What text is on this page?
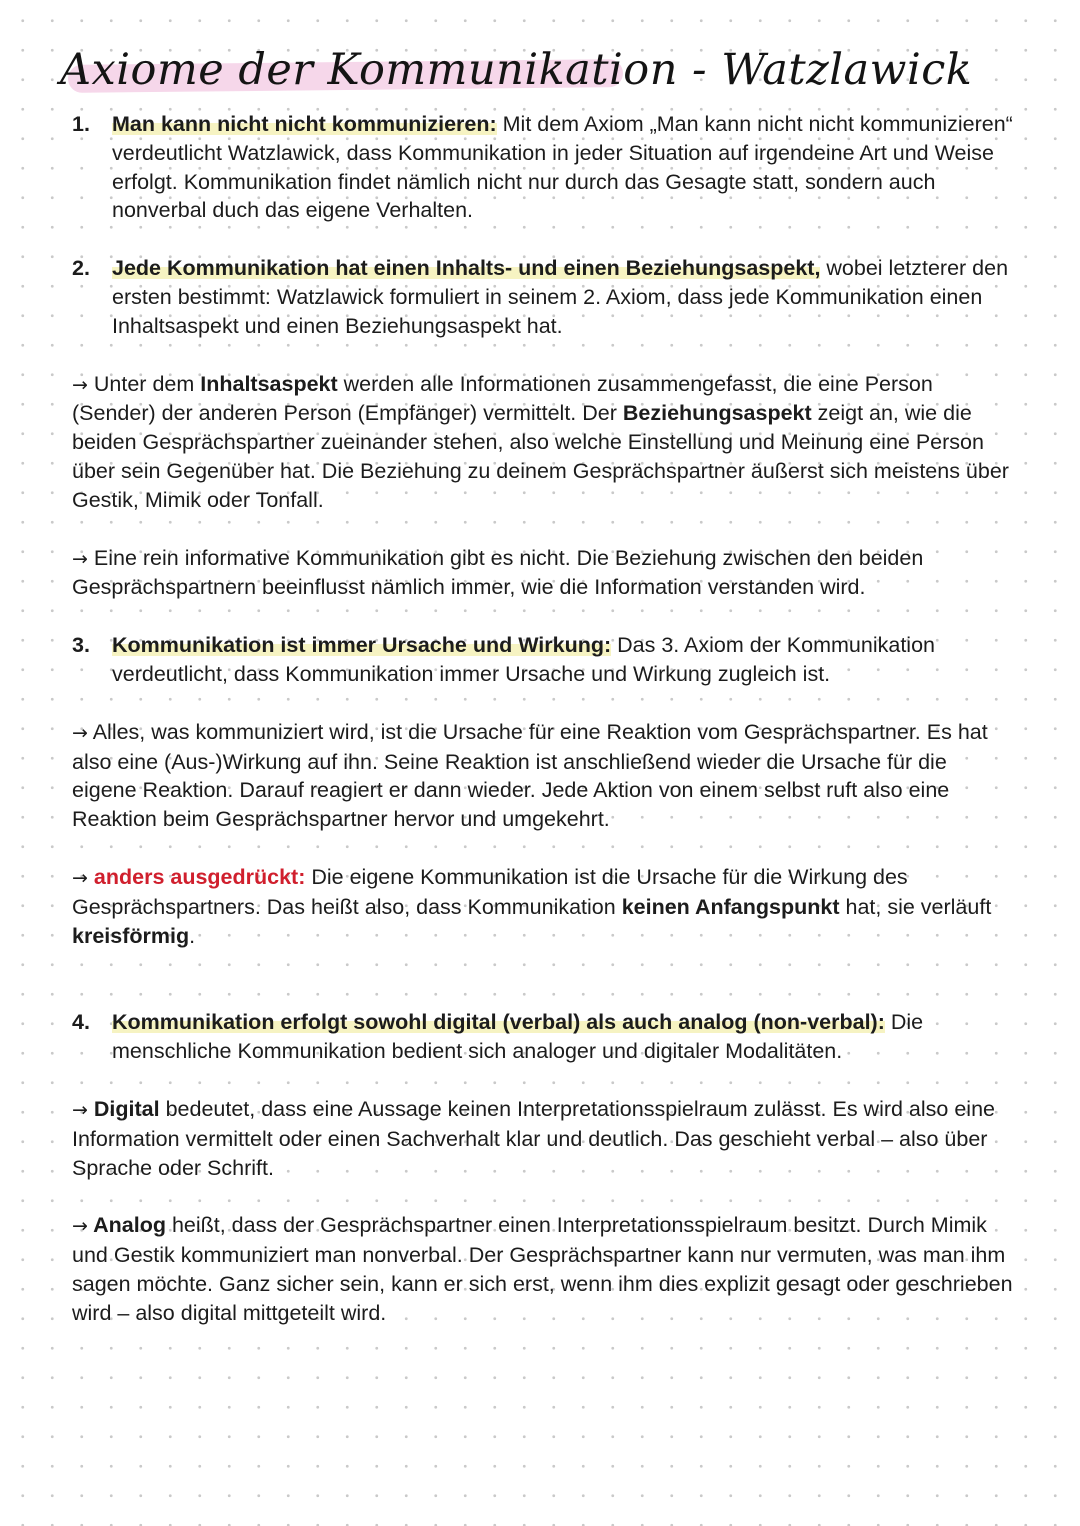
Axiome der Kommunikation - Watzlawick
1.	Man kann nicht nicht kommunizieren: Mit dem Axiom „Man kann nicht nicht kommunizieren“ verdeutlicht Watzlawick, dass Kommunikation in jeder Situation auf irgendeine Art und Weise erfolgt. Kommunikation findet nämlich nicht nur durch das Gesagte statt, sondern auch nonverbal duch das eigene Verhalten.

2.	Jede Kommunikation hat einen Inhalts- und einen Beziehungsaspekt, wobei letzterer den ersten bestimmt: Watzlawick formuliert in seinem 2. Axiom, dass jede Kommunikation einen Inhaltsaspekt und einen Beziehungsaspekt hat.

→ Unter dem Inhaltsaspekt werden alle Informationen zusammengefasst, die eine Person (Sender) der anderen Person (Empfänger) vermittelt. Der Beziehungsaspekt zeigt an, wie die beiden Gesprächspartner zueinander stehen, also welche Einstellung und Meinung eine Person über sein Gegenüber hat. Die Beziehung zu deinem Gesprächspartner äußerst sich meistens über Gestik, Mimik oder Tonfall.

→ Eine rein informative Kommunikation gibt es nicht. Die Beziehung zwischen den beiden Gesprächspartnern beeinflusst nämlich immer, wie die Information verstanden wird.

3.	Kommunikation ist immer Ursache und Wirkung: Das 3. Axiom der Kommunikation verdeutlicht, dass Kommunikation immer Ursache und Wirkung zugleich ist.

→ Alles, was kommuniziert wird, ist die Ursache für eine Reaktion vom Gesprächspartner. Es hat also eine (Aus-)Wirkung auf ihn. Seine Reaktion ist anschließend wieder die Ursache für die eigene Reaktion. Darauf reagiert er dann wieder. Jede Aktion von einem selbst ruft also eine Reaktion beim Gesprächspartner hervor und umgekehrt.

→ anders ausgedrückt: Die eigene Kommunikation ist die Ursache für die Wirkung des Gesprächspartners. Das heißt also, dass Kommunikation keinen Anfangspunkt hat, sie verläuft kreisförmig.

4.	Kommunikation erfolgt sowohl digital (verbal) als auch analog (non-verbal): Die menschliche Kommunikation bedient sich analoger und digitaler Modalitäten.

→ Digital bedeutet, dass eine Aussage keinen Interpretationsspielraum zulässt. Es wird also eine Information vermittelt oder einen Sachverhalt klar und deutlich. Das geschieht verbal – also über Sprache oder Schrift.

→ Analog heißt, dass der Gesprächspartner einen Interpretationsspielraum besitzt. Durch Mimik und Gestik kommuniziert man nonverbal. Der Gesprächspartner kann nur vermuten, was man ihm sagen möchte. Ganz sicher sein, kann er sich erst, wenn ihm dies explizit gesagt oder geschrieben wird – also digital mittgeteilt wird.
